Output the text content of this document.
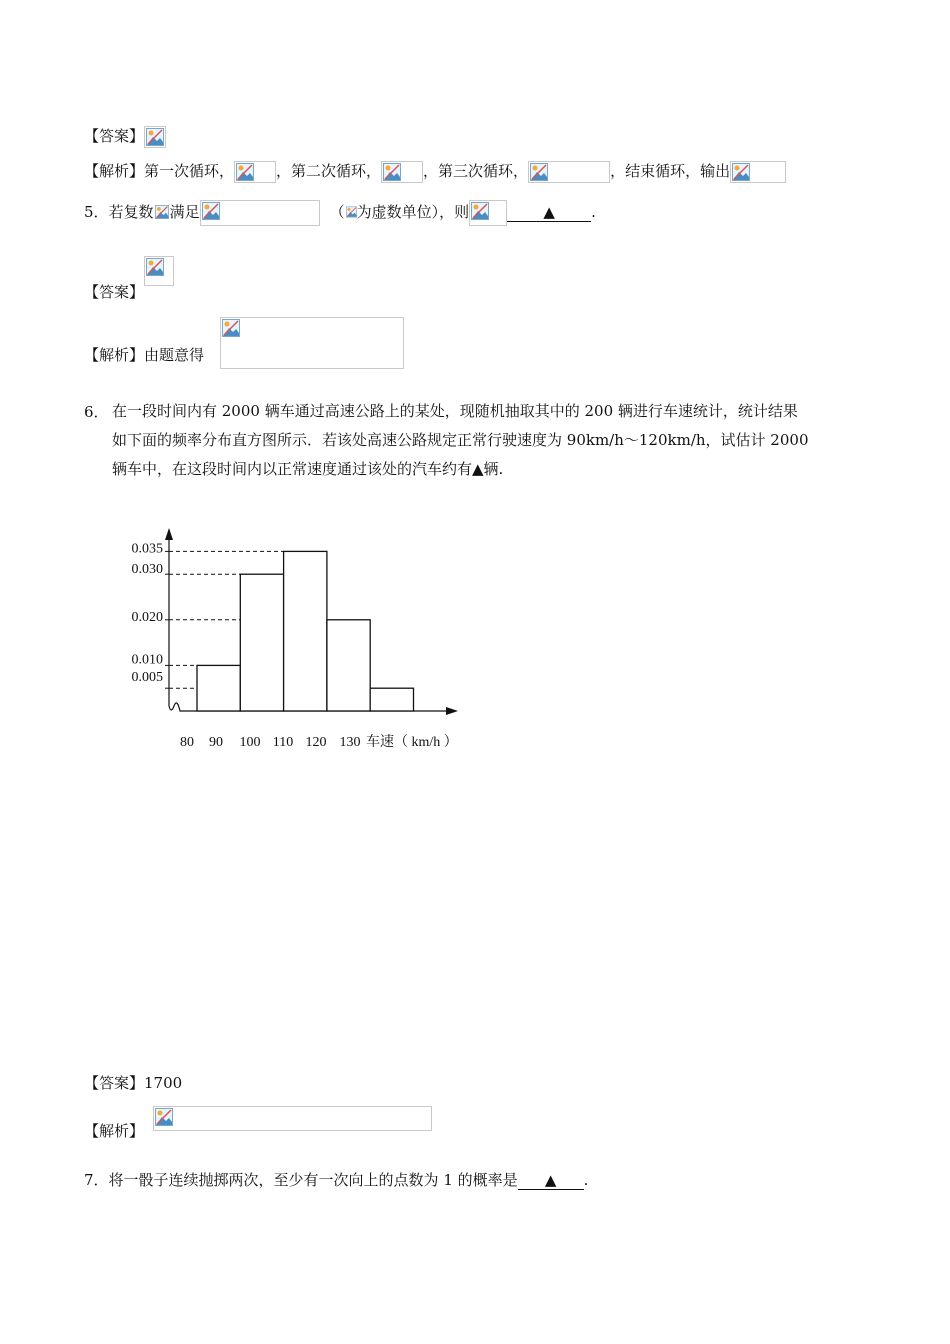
【答案】
【解析】第一次循环，	，第二次循环，	，第三次循环，	，结束循环，输出
5．若复数 满足	（ 为虚数单位），则	▲ .
【答案】
【解析】由题意得
6． 在一段时间内有 2000 辆车通过高速公路上的某处，现随机抽取其中的 200 辆进行车速统计，统计结果
如下面的频率分布直方图所示．若该处高速公路规定正常行驶速度为 90km/h～120km/h，试估计 2000
辆车中，在这段时间内以正常速度通过该处的汽车约有▲辆.
0.005
0.010
0.020
0.030
0.035
80 90 100 110 120 130 车速（ km/h ）
【答案】1700
【解析】
7．将一骰子连续抛掷两次，至少有一次向上的点数为 1 的概率是 ▲ .
